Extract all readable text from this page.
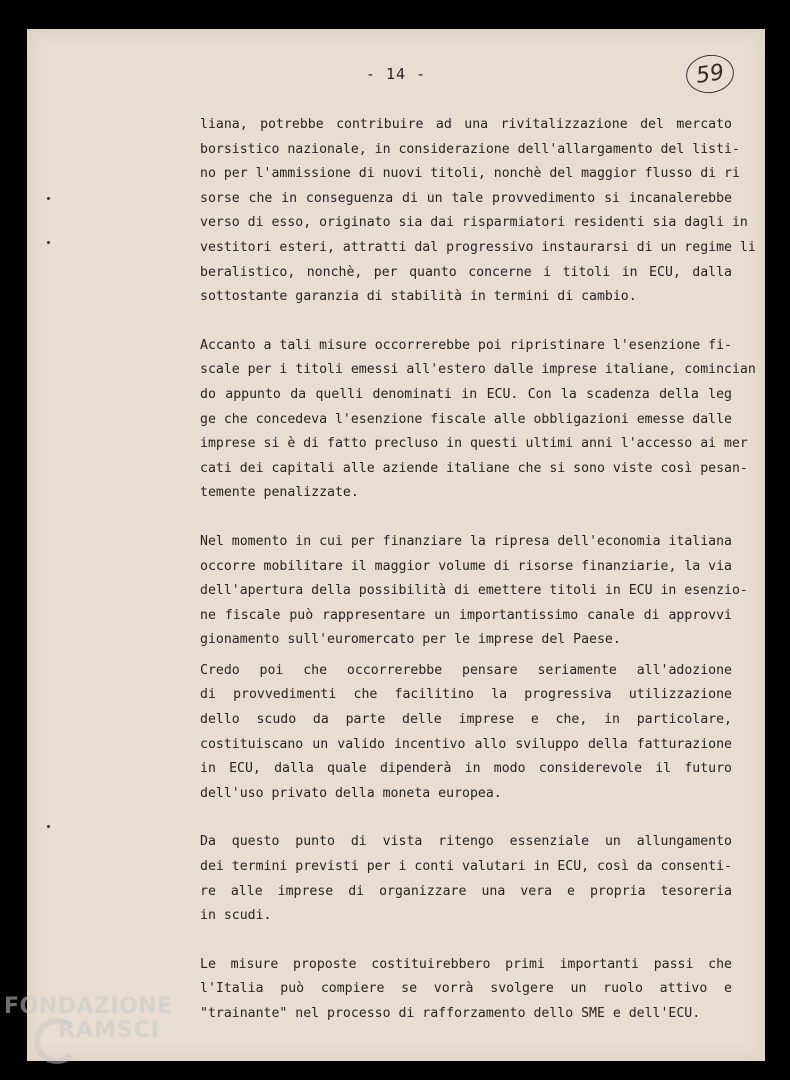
- 14 -	59
liana, potrebbe contribuire ad una rivitalizzazione del mercato
borsistico nazionale, in considerazione dell'allargamento del listi-
no per l'ammissione di nuovi titoli, nonchè del maggior flusso di ri
sorse che in conseguenza di un tale provvedimento si incanalerebbe
verso di esso, originato sia dai risparmiatori residenti sia dagli in
vestitori esteri, attratti dal progressivo instaurarsi di un regime li
beralistico, nonchè, per quanto concerne i titoli in ECU, dalla
sottostante garanzia di stabilità in termini di cambio.
Accanto a tali misure occorrerebbe poi ripristinare l'esenzione fi-
scale per i titoli emessi all'estero dalle imprese italiane, comincian
do appunto da quelli denominati in ECU. Con la scadenza della leg
ge che concedeva l'esenzione fiscale alle obbligazioni emesse dalle
imprese si è di fatto precluso in questi ultimi anni l'accesso ai mer
cati dei capitali alle aziende italiane che si sono viste così pesan-
temente penalizzate.
Nel momento in cui per finanziare la ripresa dell'economia italiana
occorre mobilitare il maggior volume di risorse finanziarie, la via
dell'apertura della possibilità di emettere titoli in ECU in esenzio-
ne fiscale può rappresentare un importantissimo canale di approvvi
gionamento sull'euromercato per le imprese del Paese.
Credo poi che occorrerebbe pensare seriamente all'adozione
di provvedimenti che facilitino la progressiva utilizzazione
dello scudo da parte delle imprese e che, in particolare,
costituiscano un valido incentivo allo sviluppo della fatturazione
in ECU, dalla quale dipenderà in modo considerevole il futuro
dell'uso privato della moneta europea.
Da questo punto di vista ritengo essenziale un allungamento
dei termini previsti per i conti valutari in ECU, così da consenti-
re alle imprese di organizzare una vera e propria tesoreria
in scudi.
Le misure proposte costituirebbero primi importanti passi che
l'Italia può compiere se vorrà svolgere un ruolo attivo e
"trainante" nel processo di rafforzamento dello SME e dell'ECU.
FONDAZIONE
RAMSCI
